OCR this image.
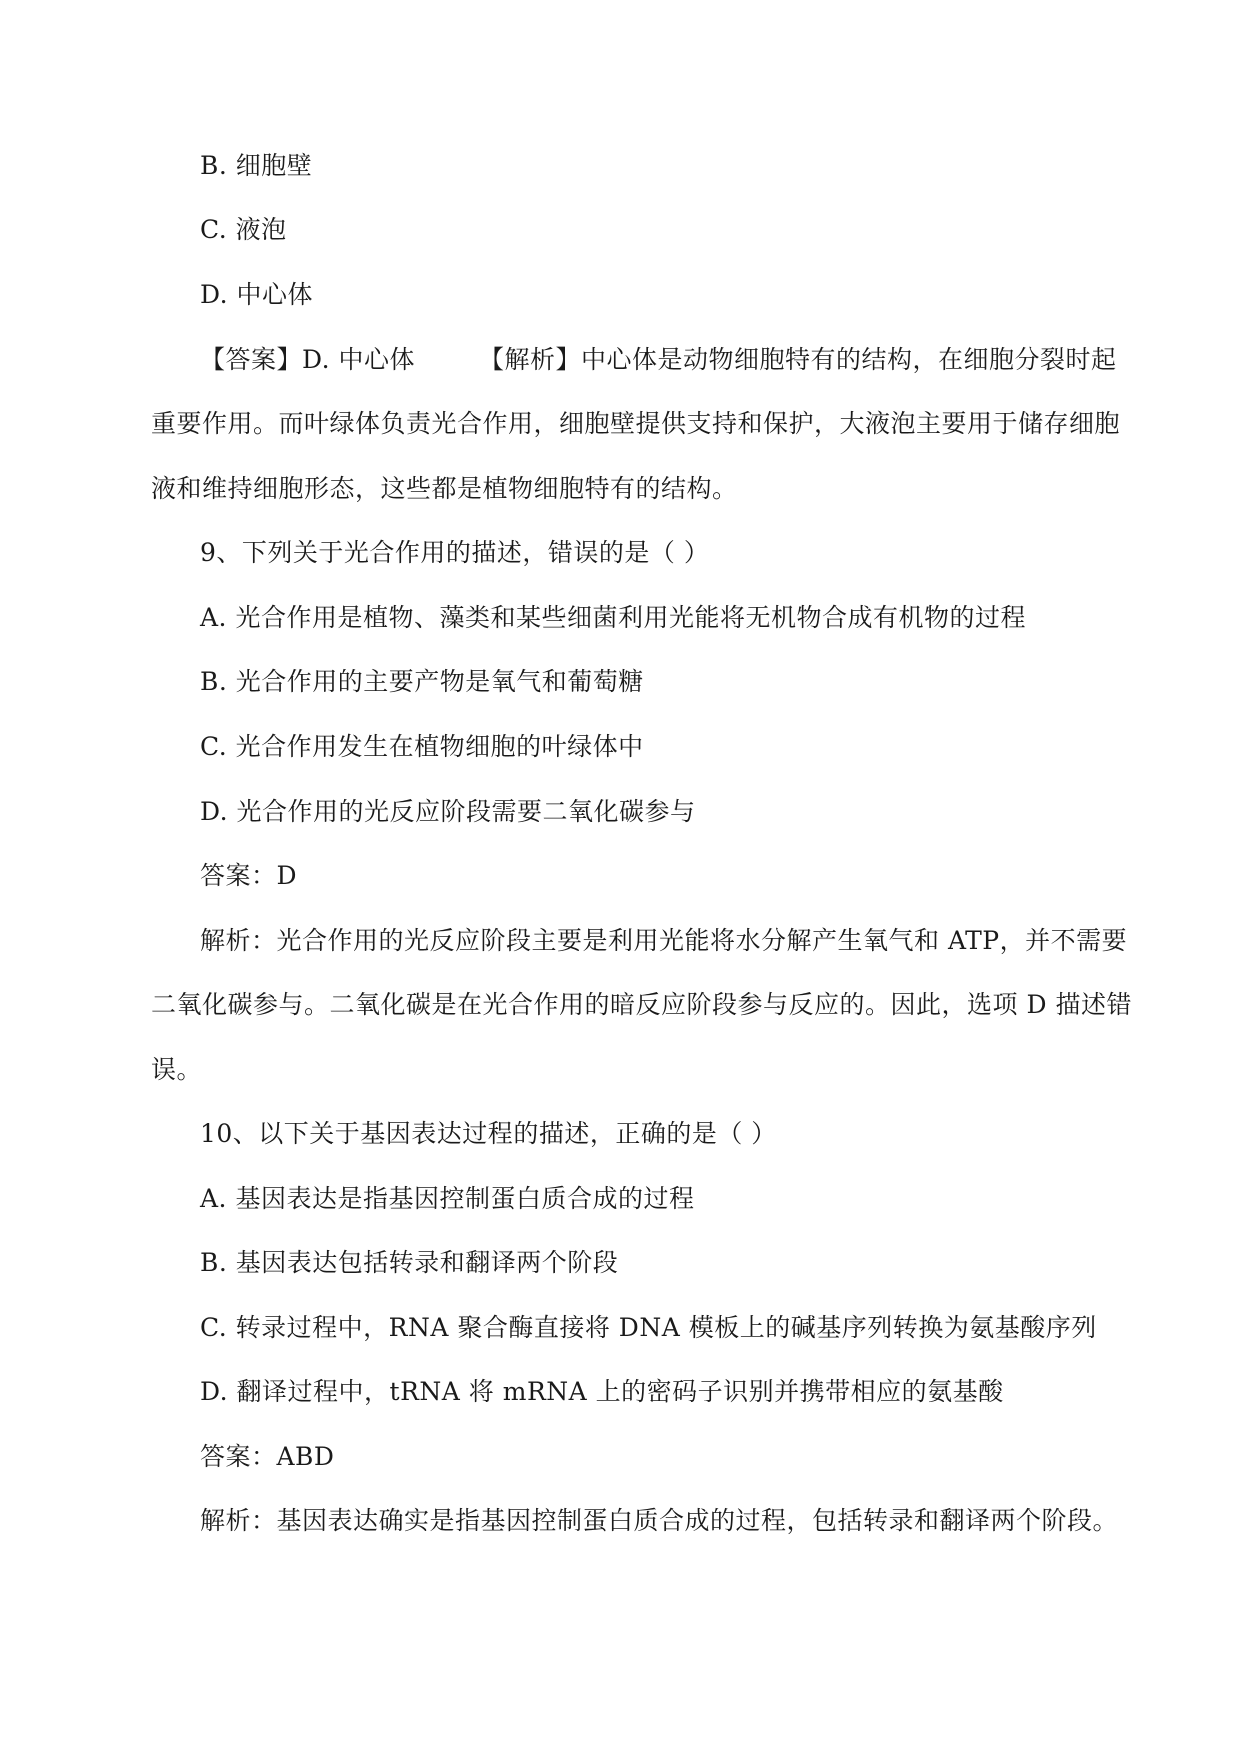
B. 细胞壁
C. 液泡
D. 中心体
【答案】D. 中心体　　　【解析】中心体是动物细胞特有的结构，在细胞分裂时起
重要作用。而叶绿体负责光合作用，细胞壁提供支持和保护，大液泡主要用于储存细胞
液和维持细胞形态，这些都是植物细胞特有的结构。
9、下列关于光合作用的描述，错误的是（ ）
A. 光合作用是植物、藻类和某些细菌利用光能将无机物合成有机物的过程
B. 光合作用的主要产物是氧气和葡萄糖
C. 光合作用发生在植物细胞的叶绿体中
D. 光合作用的光反应阶段需要二氧化碳参与
答案：D
解析：光合作用的光反应阶段主要是利用光能将水分解产生氧气和 ATP，并不需要
二氧化碳参与。二氧化碳是在光合作用的暗反应阶段参与反应的。因此，选项 D 描述错
误。
10、以下关于基因表达过程的描述，正确的是（ ）
A. 基因表达是指基因控制蛋白质合成的过程
B. 基因表达包括转录和翻译两个阶段
C. 转录过程中，RNA 聚合酶直接将 DNA 模板上的碱基序列转换为氨基酸序列
D. 翻译过程中，tRNA 将 mRNA 上的密码子识别并携带相应的氨基酸
答案：ABD
解析：基因表达确实是指基因控制蛋白质合成的过程，包括转录和翻译两个阶段。
